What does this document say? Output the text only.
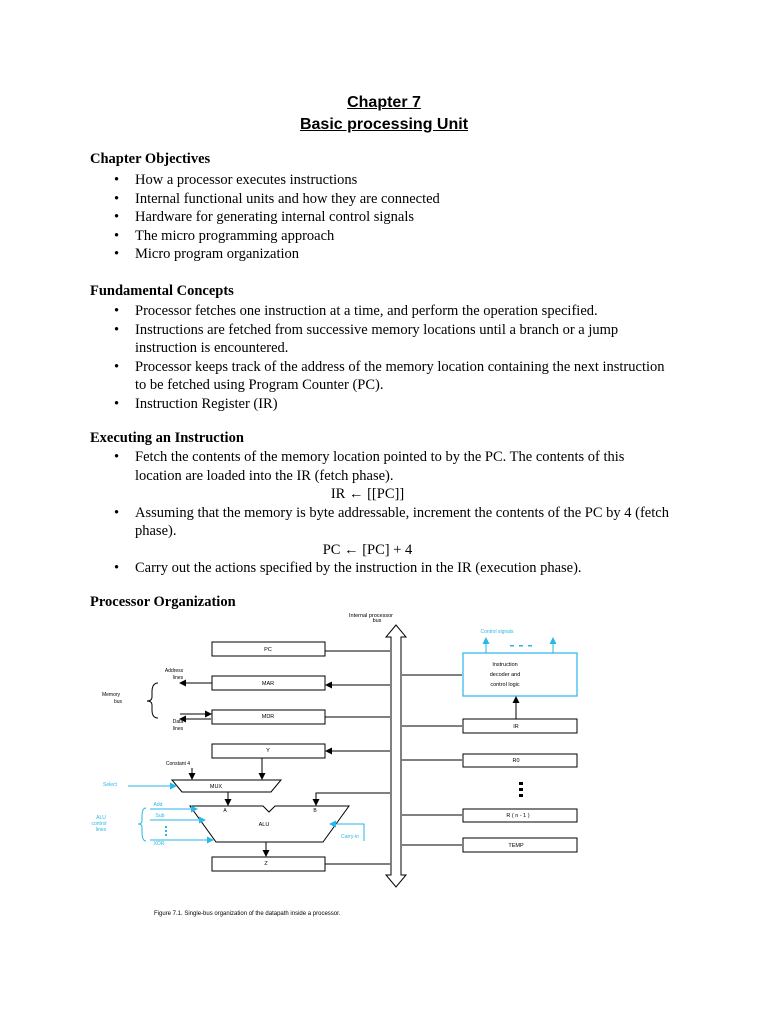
Chapter 7
Basic processing Unit
Chapter Objectives
• How a processor executes instructions
• Internal functional units and how they are connected
• Hardware for generating internal control signals
• The micro programming approach
• Micro program organization
Fundamental Concepts
• Processor fetches one instruction at a time, and perform the operation specified.
• Instructions are fetched from successive memory locations until a branch or a jump instruction is encountered.
• Processor keeps track of the address of the memory location containing the next instruction to be fetched using Program Counter (PC).
• Instruction Register (IR)
Executing an Instruction
• Fetch the contents of the memory location pointed to by the PC. The contents of this location are loaded into the IR (fetch phase).
IR ← [[PC]]
• Assuming that the memory is byte addressable, increment the contents of the PC by 4 (fetch phase).
PC ← [PC] + 4
• Carry out the actions specified by the instruction in the IR (execution phase).
Processor Organization
Internal processor
bus
PC
MAR
MDR
Address
lines
Data
lines
Memory
bus
Y
Constant 4
MUX
Select
A	B
ALU
Add
Sub
XOR
ALU
control
lines
Carry-in
Z
Instruction
decoder and
control logic
Control signals
IR
R0
R ( n - 1 )
TEMP
Figure 7.1. Single-bus organization of the datapath inside a processor.
